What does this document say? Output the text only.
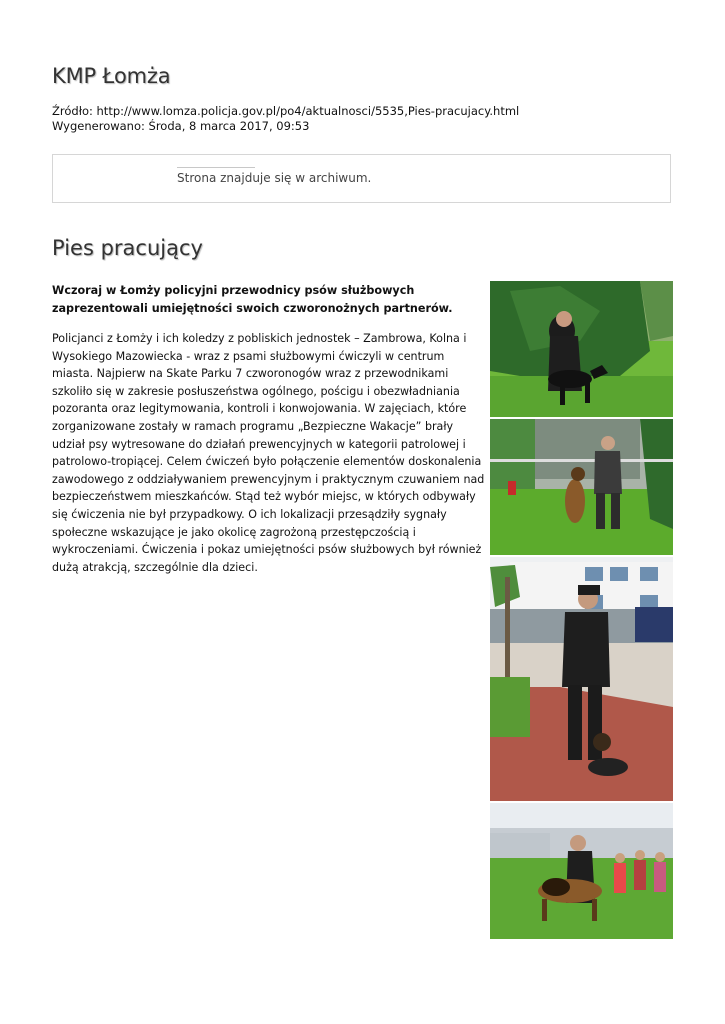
KMP Łomża
Źródło: http://www.lomza.policja.gov.pl/po4/aktualnosci/5535,Pies-pracujacy.html
Wygenerowano: Środa, 8 marca 2017, 09:53
Strona znajduje się w archiwum.
Pies pracujący

Wczoraj w Łomży policyjni przewodnicy psów służbowych zaprezentowali umiejętności swoich czworonożnych partnerów.

Policjanci z Łomży i ich koledzy z pobliskich jednostek – Zambrowa, Kolna i Wysokiego Mazowiecka - wraz z psami służbowymi ćwiczyli w centrum miasta. Najpierw na Skate Parku 7 czworonogów wraz z przewodnikami szkoliło się w zakresie posłuszeństwa ogólnego, pościgu i obezwładniania pozoranta oraz legitymowania, kontroli i konwojowania. W zajęciach, które zorganizowane zostały w ramach programu „Bezpieczne Wakacje” brały udział psy wytresowane do działań prewencyjnych w kategorii patrolowej i patrolowo-tropiącej. Celem ćwiczeń było połączenie elementów doskonalenia zawodowego z oddziaływaniem prewencyjnym i praktycznym czuwaniem nad bezpieczeństwem mieszkańców. Stąd też wybór miejsc, w których odbywały się ćwiczenia nie był przypadkowy. O ich lokalizacji przesądziły sygnały społeczne wskazujące je jako okolicę zagrożoną przestępczością i wykroczeniami. Ćwiczenia i pokaz umiejętności psów służbowych był również dużą atrakcją, szczególnie dla dzieci.
